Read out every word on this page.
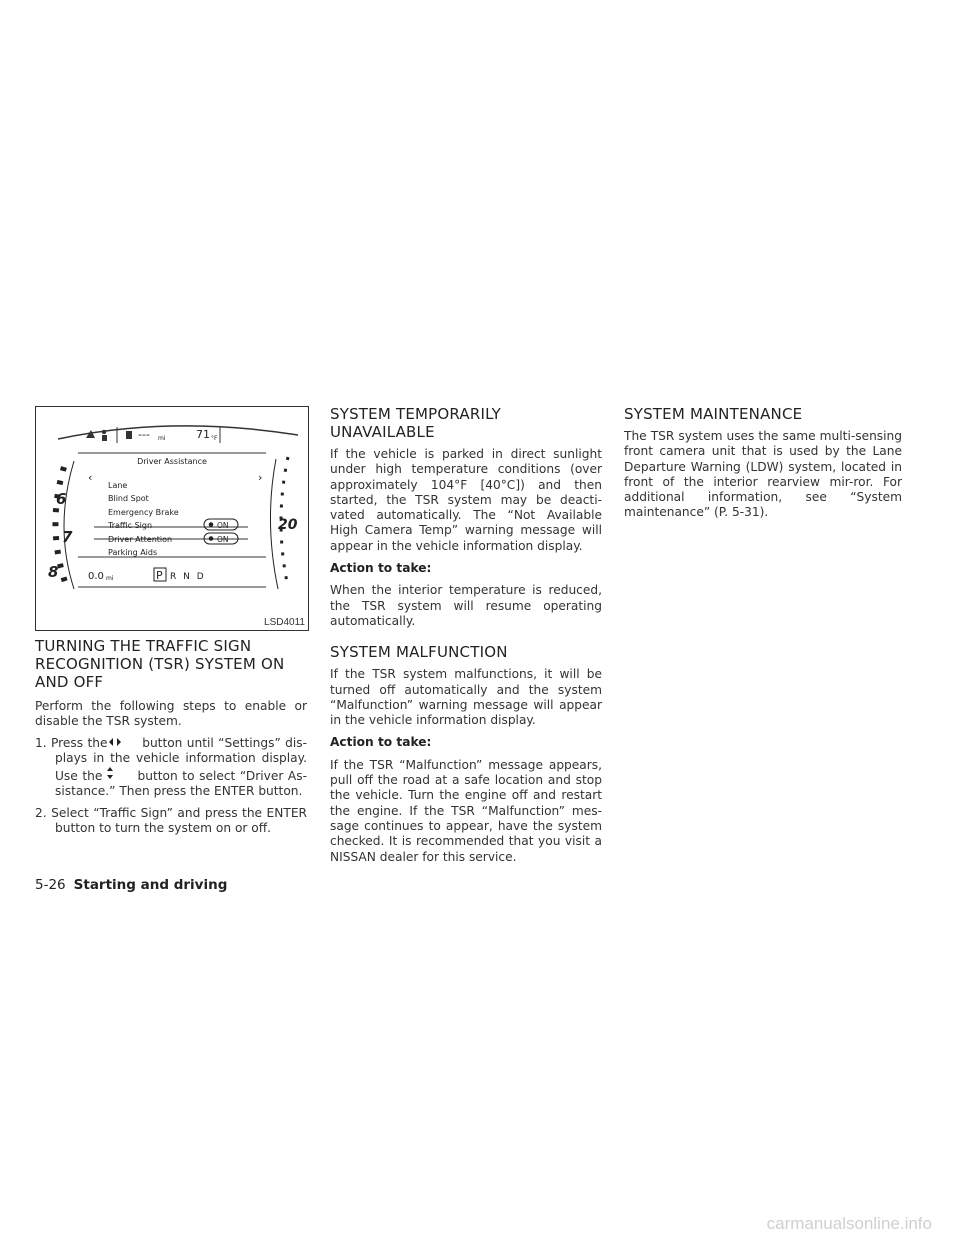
--- mi	71 °F
‹	›
Driver Assistance
Lane
Blind Spot
Emergency Brake
Traffic Sign
Driver Attention
Parking Aids
ON
ON
6
7
8
20
0.0 mi	P R N D
LSD4011
TURNING THE TRAFFIC SIGN RECOGNITION (TSR) SYSTEM ON AND OFF

Perform the following steps to enable or disable the TSR system.

1. Press the	button until “Settings” dis-plays in the vehicle information display. Use the	button to select “Driver As-sistance.” Then press the ENTER button.

2. Select “Traffic Sign” and press the ENTER button to turn the system on or off.

SYSTEM TEMPORARILY UNAVAILABLE

If the vehicle is parked in direct sunlight under high temperature conditions (over approximately 104°F [40°C]) and then started, the TSR system may be deacti-vated automatically. The “Not Available High Camera Temp” warning message will appear in the vehicle information display.

Action to take:

When the interior temperature is reduced, the TSR system will resume operating automatically.

SYSTEM MALFUNCTION

If the TSR system malfunctions, it will be turned off automatically and the system “Malfunction” warning message will appear in the vehicle information display.

Action to take:

If the TSR “Malfunction” message appears, pull off the road at a safe location and stop the vehicle. Turn the engine off and restart the engine. If the TSR “Malfunction” mes-sage continues to appear, have the system checked. It is recommended that you visit a NISSAN dealer for this service.

SYSTEM MAINTENANCE

The TSR system uses the same multi-sensing front camera unit that is used by the Lane Departure Warning (LDW) system, located in front of the interior rearview mir-ror. For additional information, see “System maintenance” (P. 5-31).

5-26 Starting and driving
carmanualsonline.info
